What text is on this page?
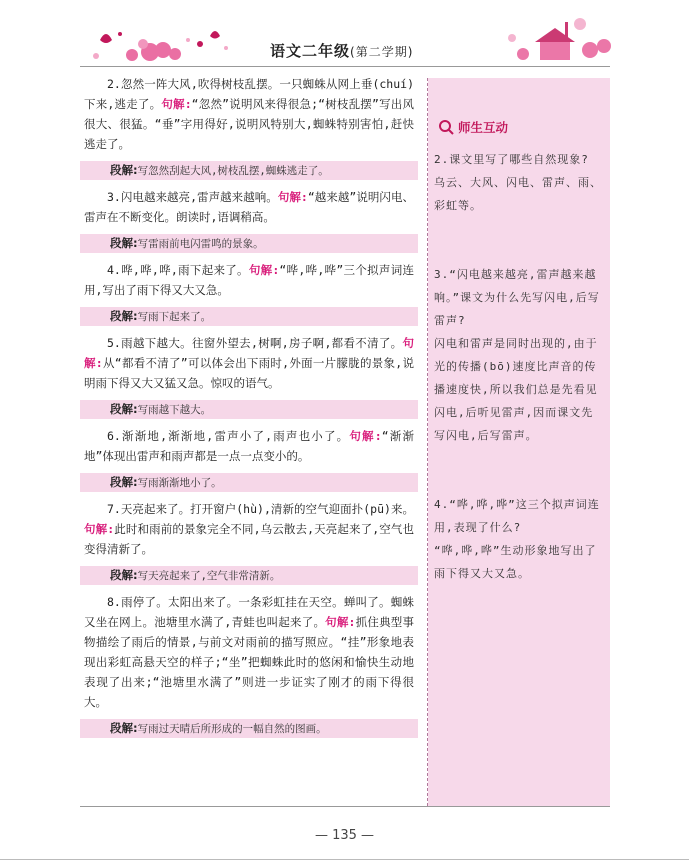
语文二年级(第二学期)

2.忽然一阵大风,吹得树枝乱摆。一只蜘蛛从网上垂(chuí)下来,逃走了。句解:“忽然”说明风来得很急;“树枝乱摆”写出风很大、很猛。“垂”字用得好,说明风特别大,蜘蛛特别害怕,赶快逃走了。

段解:写忽然刮起大风,树枝乱摆,蜘蛛逃走了。

3.闪电越来越亮,雷声越来越响。句解:“越来越”说明闪电、雷声在不断变化。朗读时,语调稍高。

段解:写雷雨前电闪雷鸣的景象。

4.哗,哗,哗,雨下起来了。句解:“哗,哗,哗”三个拟声词连用,写出了雨下得又大又急。

段解:写雨下起来了。

5.雨越下越大。往窗外望去,树啊,房子啊,都看不清了。句解:从“都看不清了”可以体会出下雨时,外面一片朦胧的景象,说明雨下得又大又猛又急。惊叹的语气。

段解:写雨越下越大。

6.渐渐地,渐渐地,雷声小了,雨声也小了。句解:“渐渐地”体现出雷声和雨声都是一点一点变小的。

段解:写雨渐渐地小了。

7.天亮起来了。打开窗户(hù),清新的空气迎面扑(pū)来。句解:此时和雨前的景象完全不同,乌云散去,天亮起来了,空气也变得清新了。

段解:写天亮起来了,空气非常清新。

8.雨停了。太阳出来了。一条彩虹挂在天空。蝉叫了。蜘蛛又坐在网上。池塘里水满了,青蛙也叫起来了。句解:抓住典型事物描绘了雨后的情景,与前文对雨前的描写照应。“挂”形象地表现出彩虹高悬天空的样子;“坐”把蜘蛛此时的悠闲和愉快生动地表现了出来;“池塘里水满了”则进一步证实了刚才的雨下得很大。

段解:写雨过天晴后所形成的一幅自然的图画。
师生互动

2.课文里写了哪些自然现象?

乌云、大风、闪电、雷声、雨、彩虹等。

3.“闪电越来越亮,雷声越来越响。”课文为什么先写闪电,后写雷声?

闪电和雷声是同时出现的,由于光的传播(bō)速度比声音的传播速度快,所以我们总是先看见闪电,后听见雷声,因而课文先写闪电,后写雷声。

4.“哗,哗,哗”这三个拟声词连用,表现了什么?

“哗,哗,哗”生动形象地写出了雨下得又大又急。

— 135 —
